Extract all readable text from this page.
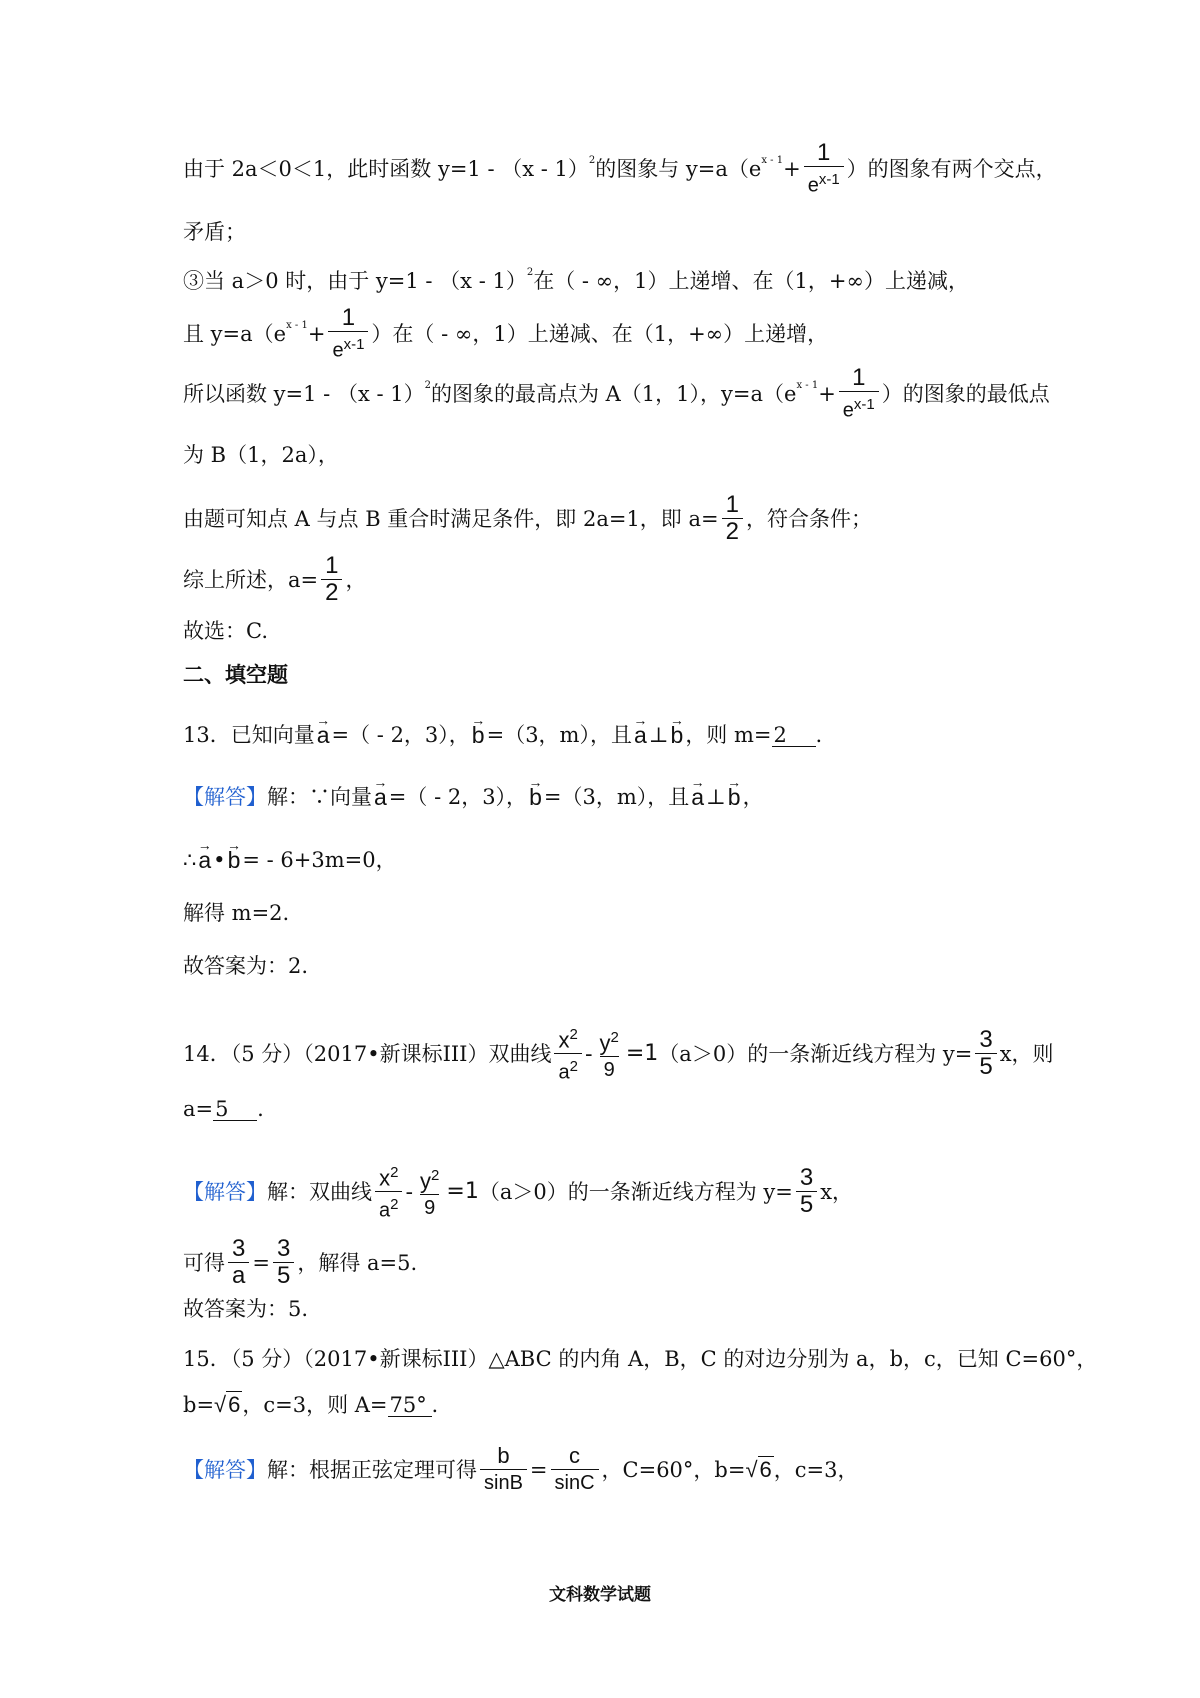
由于 2a＜0＜1，此时函数 y=1 - （x - 1）$^2$ 的图象与 $y=a(e^{x - 1} + \frac{1}{e^{x-1}}$ ）的图象有两个交点，
矛盾；
③当 a＞0 时，由于 y=1 - （x - 1）$^2$ 在（ - ∞，1）上递增、在（1，+∞）上递减，
且 $y=a(e^{x - 1} + \frac{1}{e^{x-1}}$ ）在（ - ∞，1）上递减、在（1，+∞）上递增，
所以函数 y=1 - （x - 1）$^2$ 的图象的最高点为 A（1，1），$y=a(e^{x - 1} + \frac{1}{e^{x-1}}$ ）的图象的最低点
为 B（1，2a），
由题可知点 A 与点 B 重合时满足条件，即 2a=1，即 $a= \frac{1}{2}$ ，符合条件；
综上所述，$a= \frac{1}{2}$ ，
故选：C.
二、填空题
13．已知向量 → a =（ - 2，3）， → b =（3，m），且 → a ⊥ → b ，则 m= 2	.
【解答】 解：∵向量 → a =（ - 2，3）， → b =（3，m），且 → a ⊥ → b ，
∴ → a • → b = - 6+3m=0，
解得 m=2.
故答案为：2.
14．（5 分）（2017•新课标III）双曲线 $\frac{x^2}{a^2} - \frac{y^2}{9} =1$ （a＞0）的一条渐近线方程为 $y= \frac{3}{5}$ x，则
a= 5	.
【解答】 解：双曲线 $\frac{x^2}{a^2} - \frac{y^2}{9} =1$ （a＞0）的一条渐近线方程为 $y= \frac{3}{5}$ x，
可得 $\frac{3}{a} = \frac{3}{5}$ ，解得 a=5.
故答案为：5.
15．（5 分）（2017•新课标III）△ABC 的内角 A，B，C 的对边分别为 a，b，c，已知 C=60°，
b= √6 ，c=3，则 A= 75° .
【解答】 解：根据正弦定理可得 $\frac{b}{\sin B} = \frac{c}{\sin C}$ ，C=60°，b= √6 ，c=3，
文科数学试题
